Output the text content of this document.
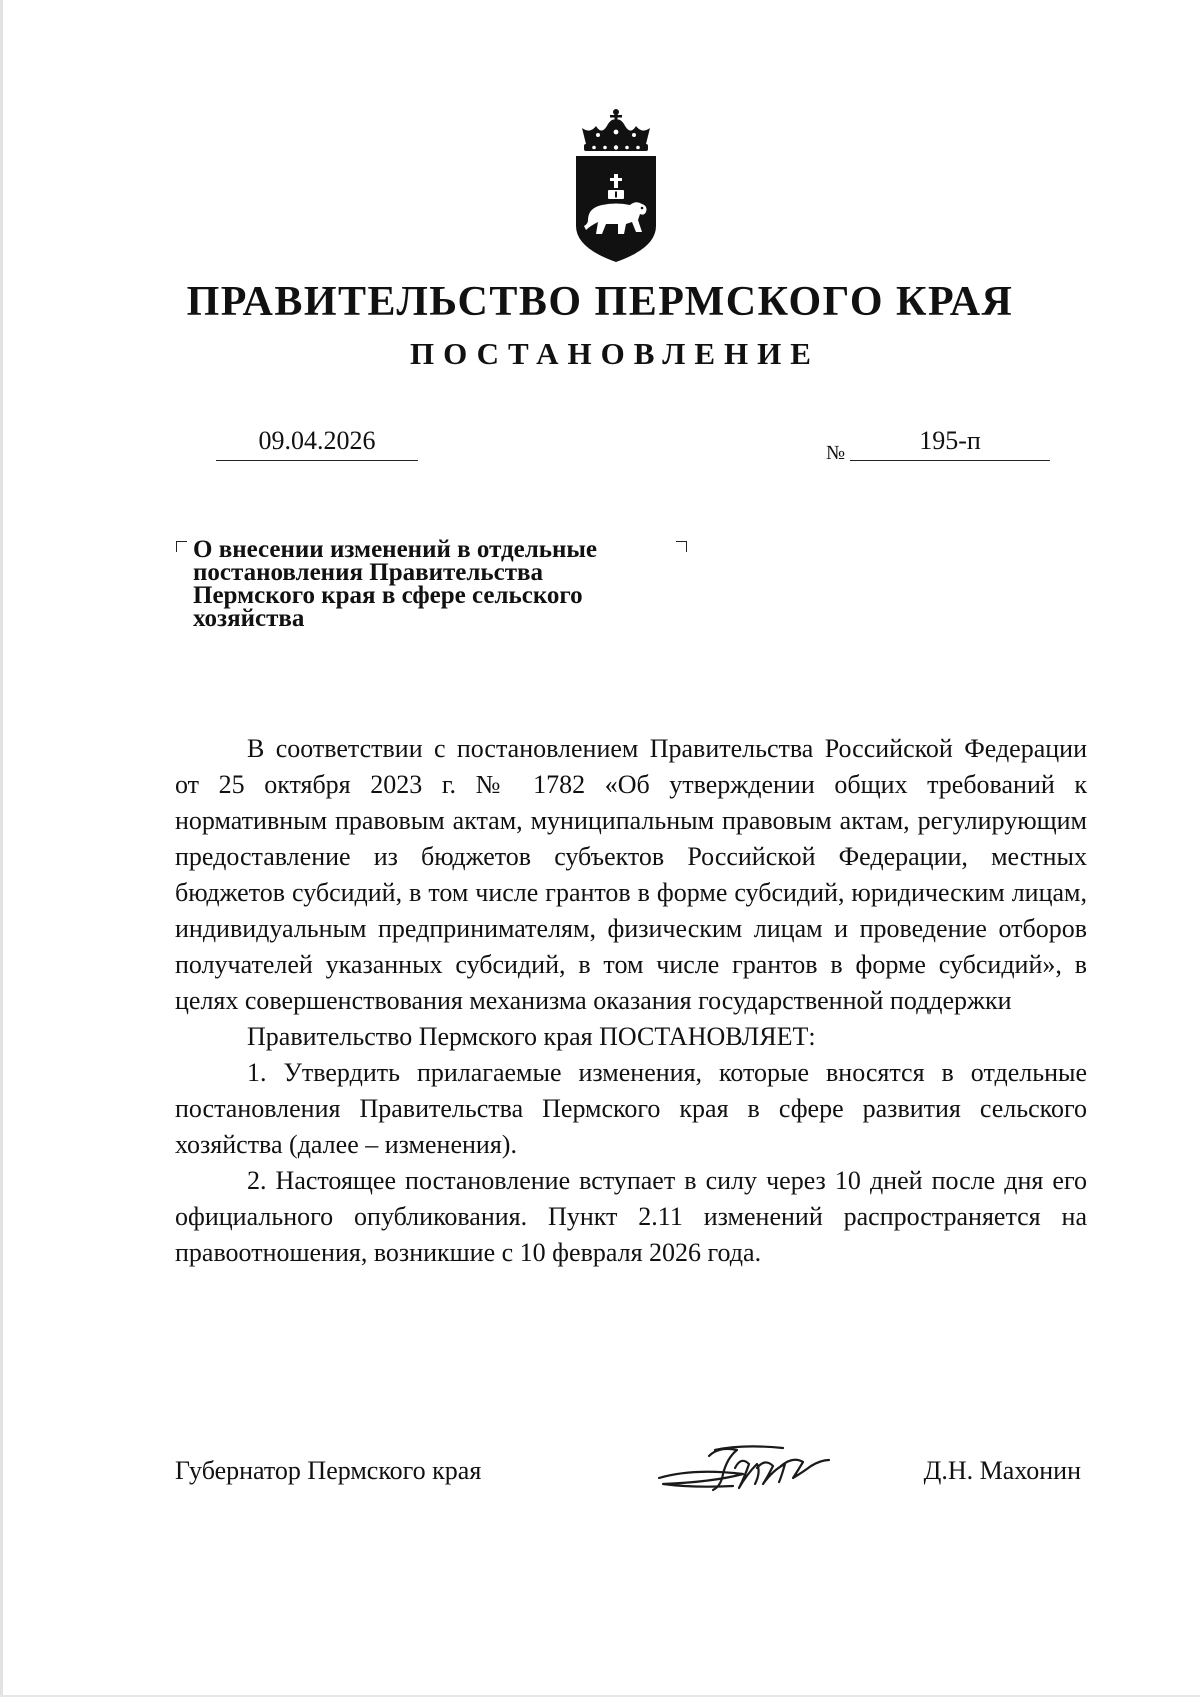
ПРАВИТЕЛЬСТВО ПЕРМСКОГО КРАЯ
ПОСТАНОВЛЕНИЕ
09.04.2026	№	195-п
О внесении изменений в отдельные
постановления Правительства
Пермского края в сфере сельского
хозяйства

В соответствии с постановлением Правительства Российской Федерации от 25 октября 2023 г. № 1782 «Об утверждении общих требований к нормативным правовым актам, муниципальным правовым актам, регулирующим предоставление из бюджетов субъектов Российской Федерации, местных бюджетов субсидий, в том числе грантов в форме субсидий, юридическим лицам, индивидуальным предпринимателям, физическим лицам и проведение отборов получателей указанных субсидий, в том числе грантов в форме субсидий», в целях совершенствования механизма оказания государственной поддержки

Правительство Пермского края ПОСТАНОВЛЯЕТ:

1. Утвердить прилагаемые изменения, которые вносятся в отдельные постановления Правительства Пермского края в сфере развития сельского хозяйства (далее – изменения).

2. Настоящее постановление вступает в силу через 10 дней после дня его официального опубликования. Пункт 2.11 изменений распространяется на правоотношения, возникшие с 10 февраля 2026 года.

Губернатор Пермского края	Д.Н. Махонин
